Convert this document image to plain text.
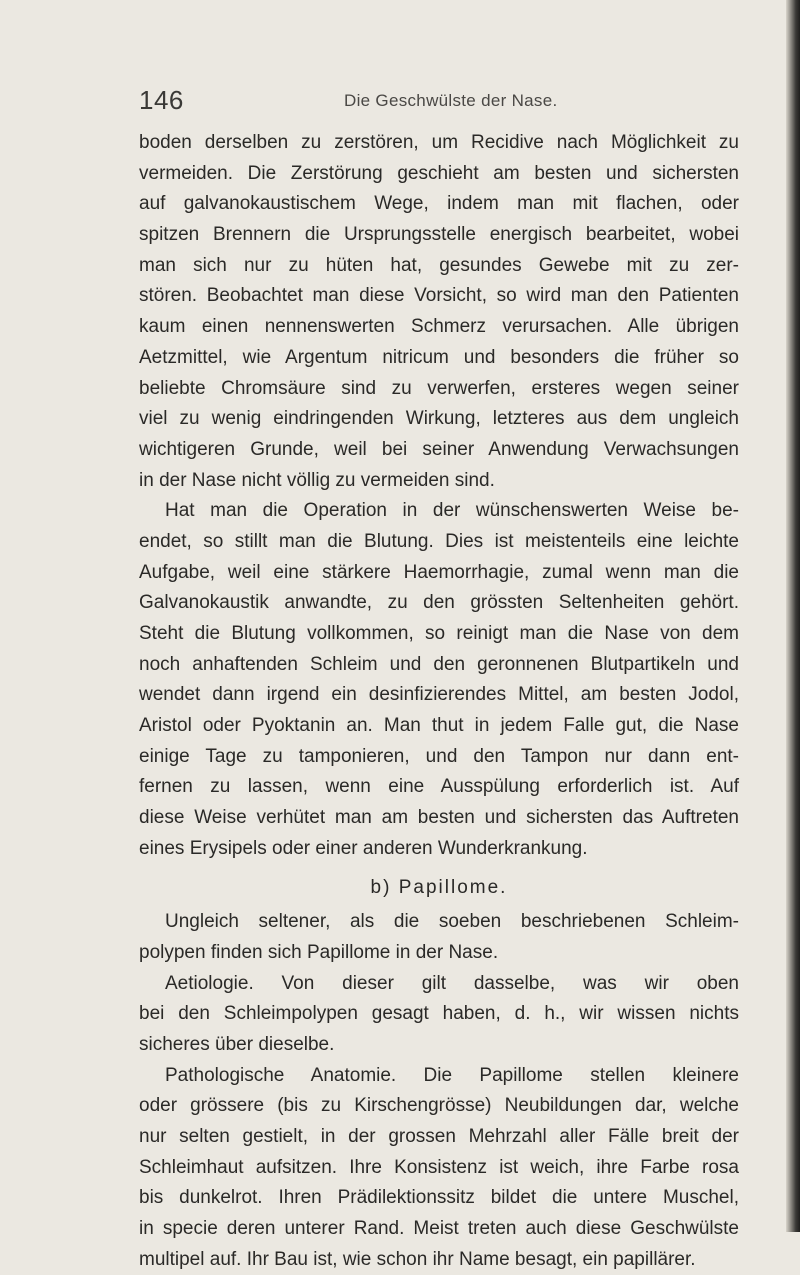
146	Die Geschwülste der Nase.
boden derselben zu zerstören, um Recidive nach Möglichkeit zu
vermeiden. Die Zerstörung geschieht am besten und sichersten
auf galvanokaustischem Wege, indem man mit flachen, oder
spitzen Brennern die Ursprungsstelle energisch bearbeitet, wobei
man sich nur zu hüten hat, gesundes Gewebe mit zu zer-
stören. Beobachtet man diese Vorsicht, so wird man den Patienten
kaum einen nennenswerten Schmerz verursachen. Alle übrigen
Aetzmittel, wie Argentum nitricum und besonders die früher so
beliebte Chromsäure sind zu verwerfen, ersteres wegen seiner
viel zu wenig eindringenden Wirkung, letzteres aus dem ungleich
wichtigeren Grunde, weil bei seiner Anwendung Verwachsungen
in der Nase nicht völlig zu vermeiden sind.
Hat man die Operation in der wünschenswerten Weise be-
endet, so stillt man die Blutung. Dies ist meistenteils eine leichte
Aufgabe, weil eine stärkere Haemorrhagie, zumal wenn man die
Galvanokaustik anwandte, zu den grössten Seltenheiten gehört.
Steht die Blutung vollkommen, so reinigt man die Nase von dem
noch anhaftenden Schleim und den geronnenen Blutpartikeln und
wendet dann irgend ein desinfizierendes Mittel, am besten Jodol,
Aristol oder Pyoktanin an. Man thut in jedem Falle gut, die Nase
einige Tage zu tamponieren, und den Tampon nur dann ent-
fernen zu lassen, wenn eine Ausspülung erforderlich ist. Auf
diese Weise verhütet man am besten und sichersten das Auftreten
eines Erysipels oder einer anderen Wunderkrankung.
b) Papillome.
Ungleich seltener, als die soeben beschriebenen Schleim-
polypen finden sich Papillome in der Nase.
Aetiologie. Von dieser gilt dasselbe, was wir oben
bei den Schleimpolypen gesagt haben, d. h., wir wissen nichts
sicheres über dieselbe.
Pathologische Anatomie. Die Papillome stellen kleinere
oder grössere (bis zu Kirschengrösse) Neubildungen dar, welche
nur selten gestielt, in der grossen Mehrzahl aller Fälle breit der
Schleimhaut aufsitzen. Ihre Konsistenz ist weich, ihre Farbe rosa
bis dunkelrot. Ihren Prädilektionssitz bildet die untere Muschel,
in specie deren unterer Rand. Meist treten auch diese Geschwülste
multipel auf. Ihr Bau ist, wie schon ihr Name besagt, ein papillärer.
